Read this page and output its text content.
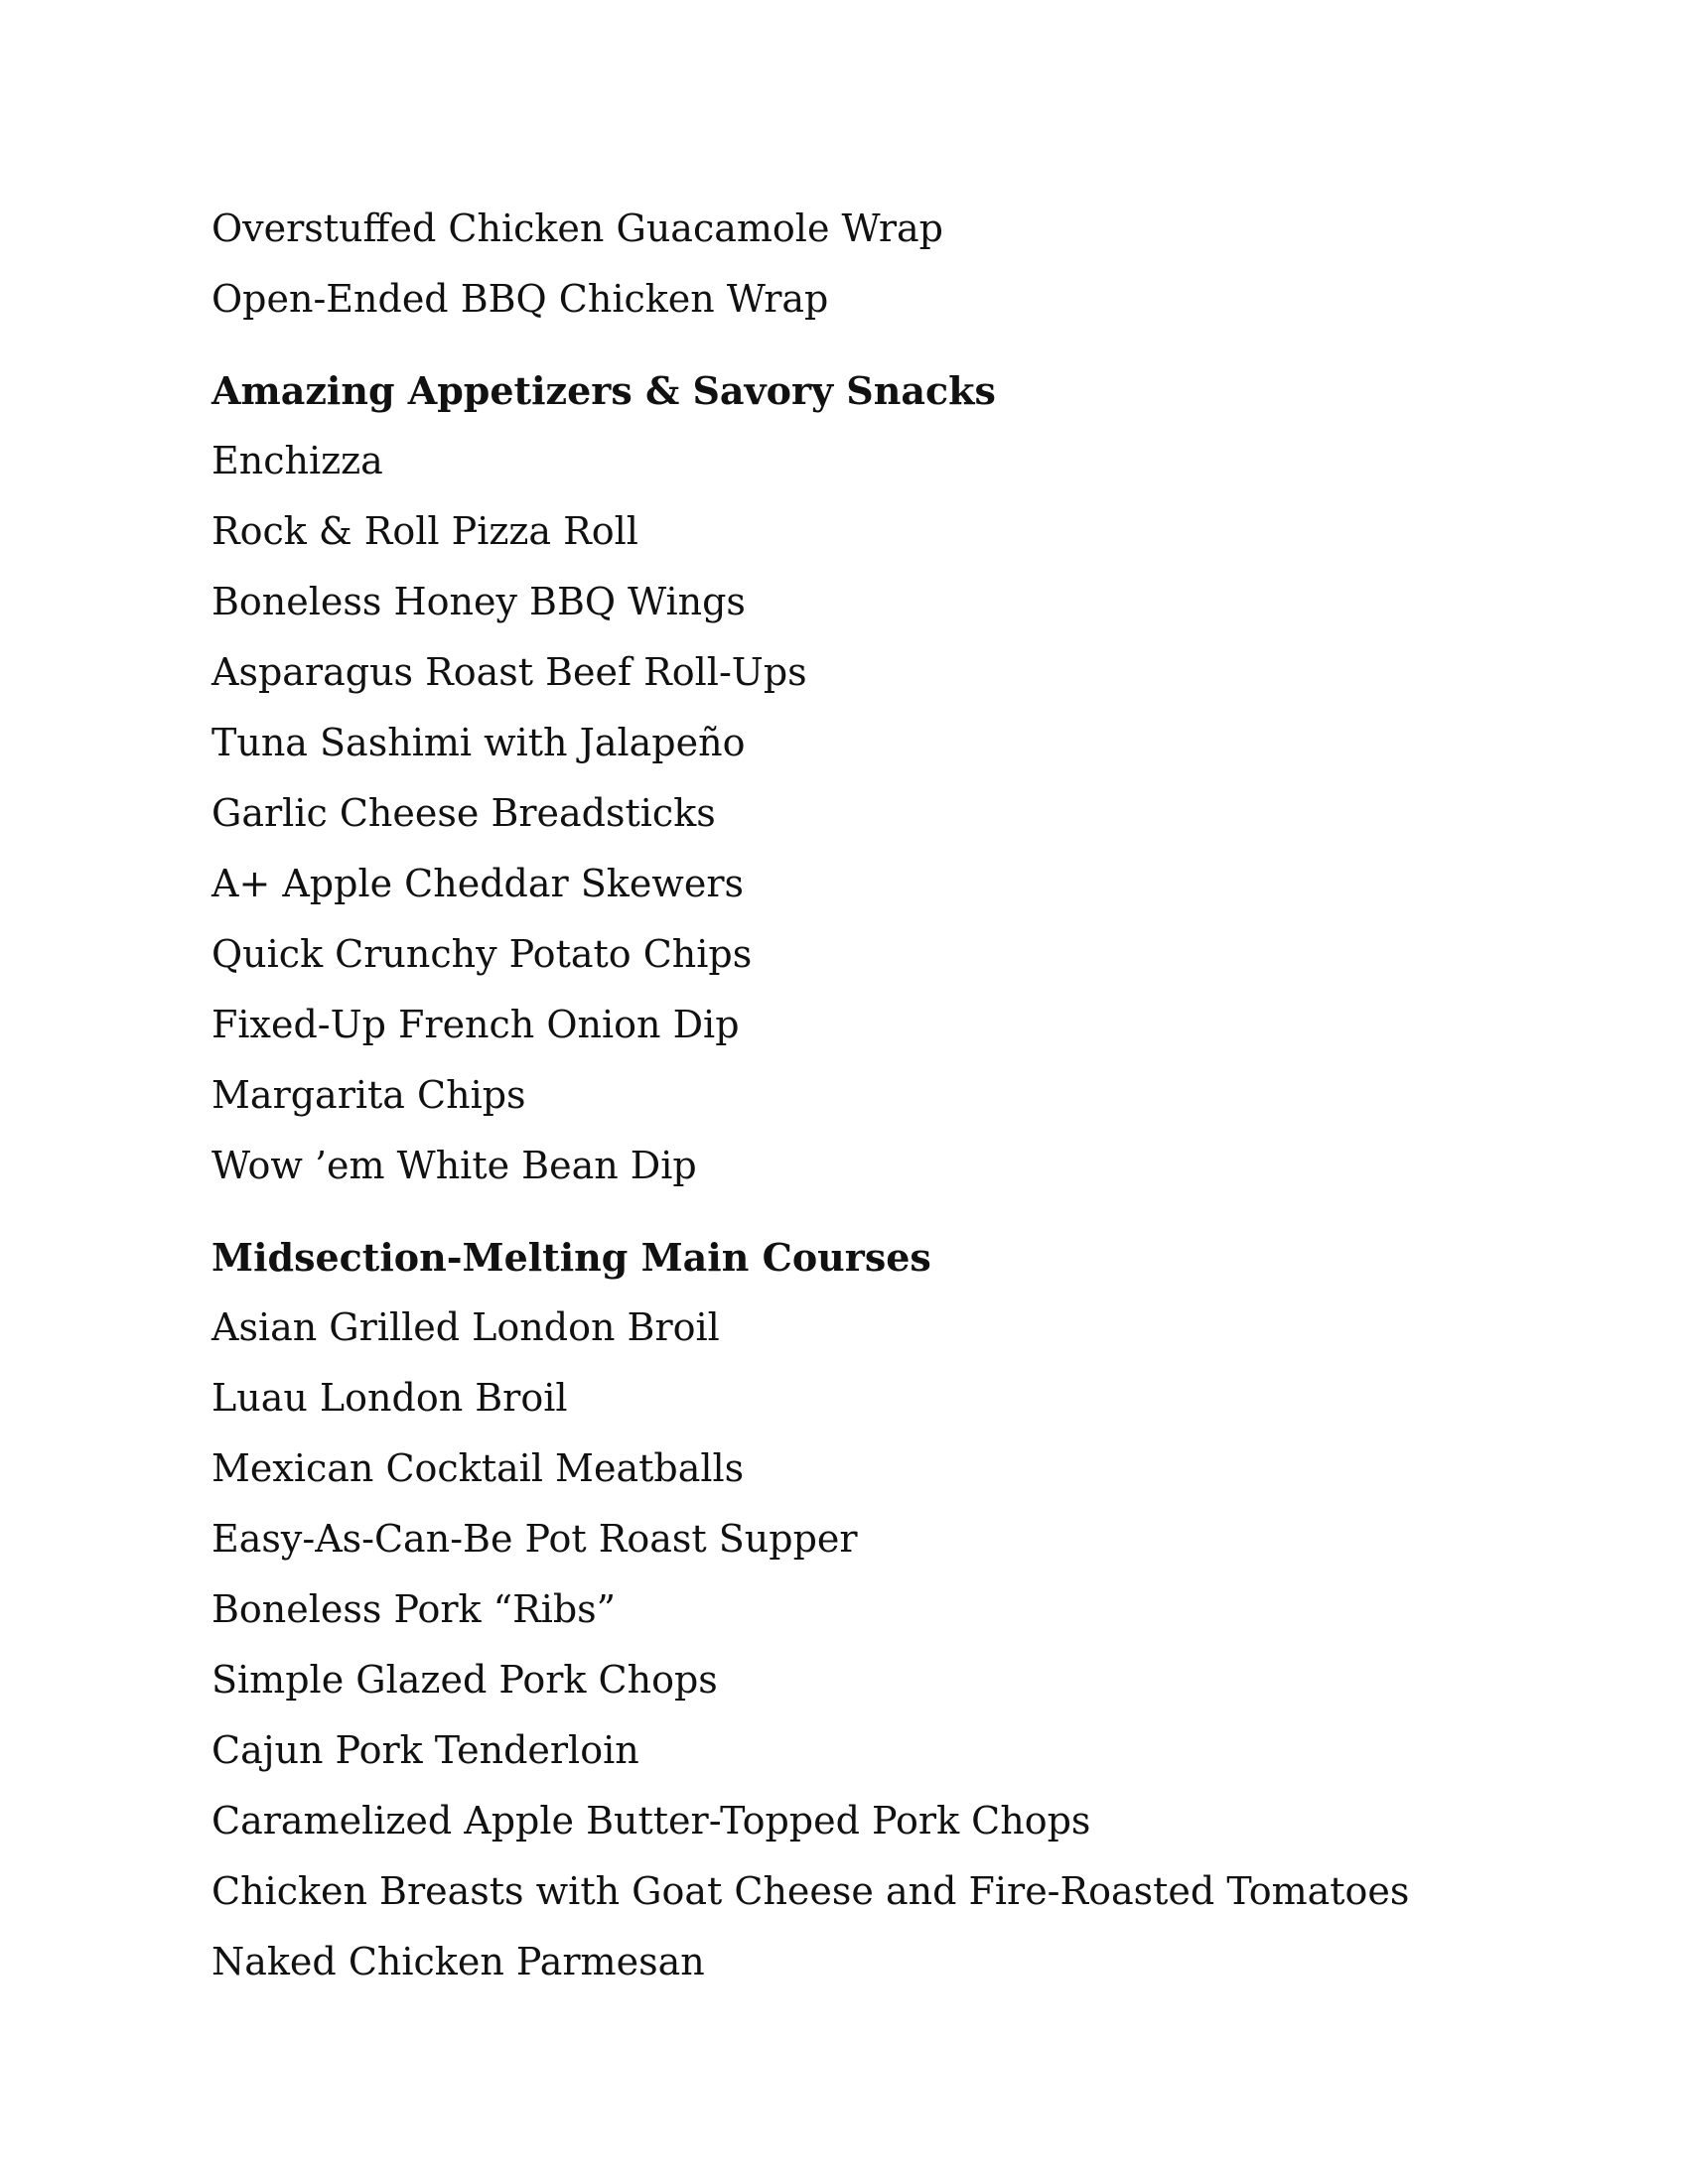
Overstuffed Chicken Guacamole Wrap
Open-Ended BBQ Chicken Wrap
Amazing Appetizers & Savory Snacks
Enchizza
Rock & Roll Pizza Roll
Boneless Honey BBQ Wings
Asparagus Roast Beef Roll-Ups
Tuna Sashimi with Jalapeño
Garlic Cheese Breadsticks
A+ Apple Cheddar Skewers
Quick Crunchy Potato Chips
Fixed-Up French Onion Dip
Margarita Chips
Wow ’em White Bean Dip
Midsection-Melting Main Courses
Asian Grilled London Broil
Luau London Broil
Mexican Cocktail Meatballs
Easy-As-Can-Be Pot Roast Supper
Boneless Pork “Ribs”
Simple Glazed Pork Chops
Cajun Pork Tenderloin
Caramelized Apple Butter-Topped Pork Chops
Chicken Breasts with Goat Cheese and Fire-Roasted Tomatoes
Naked Chicken Parmesan
